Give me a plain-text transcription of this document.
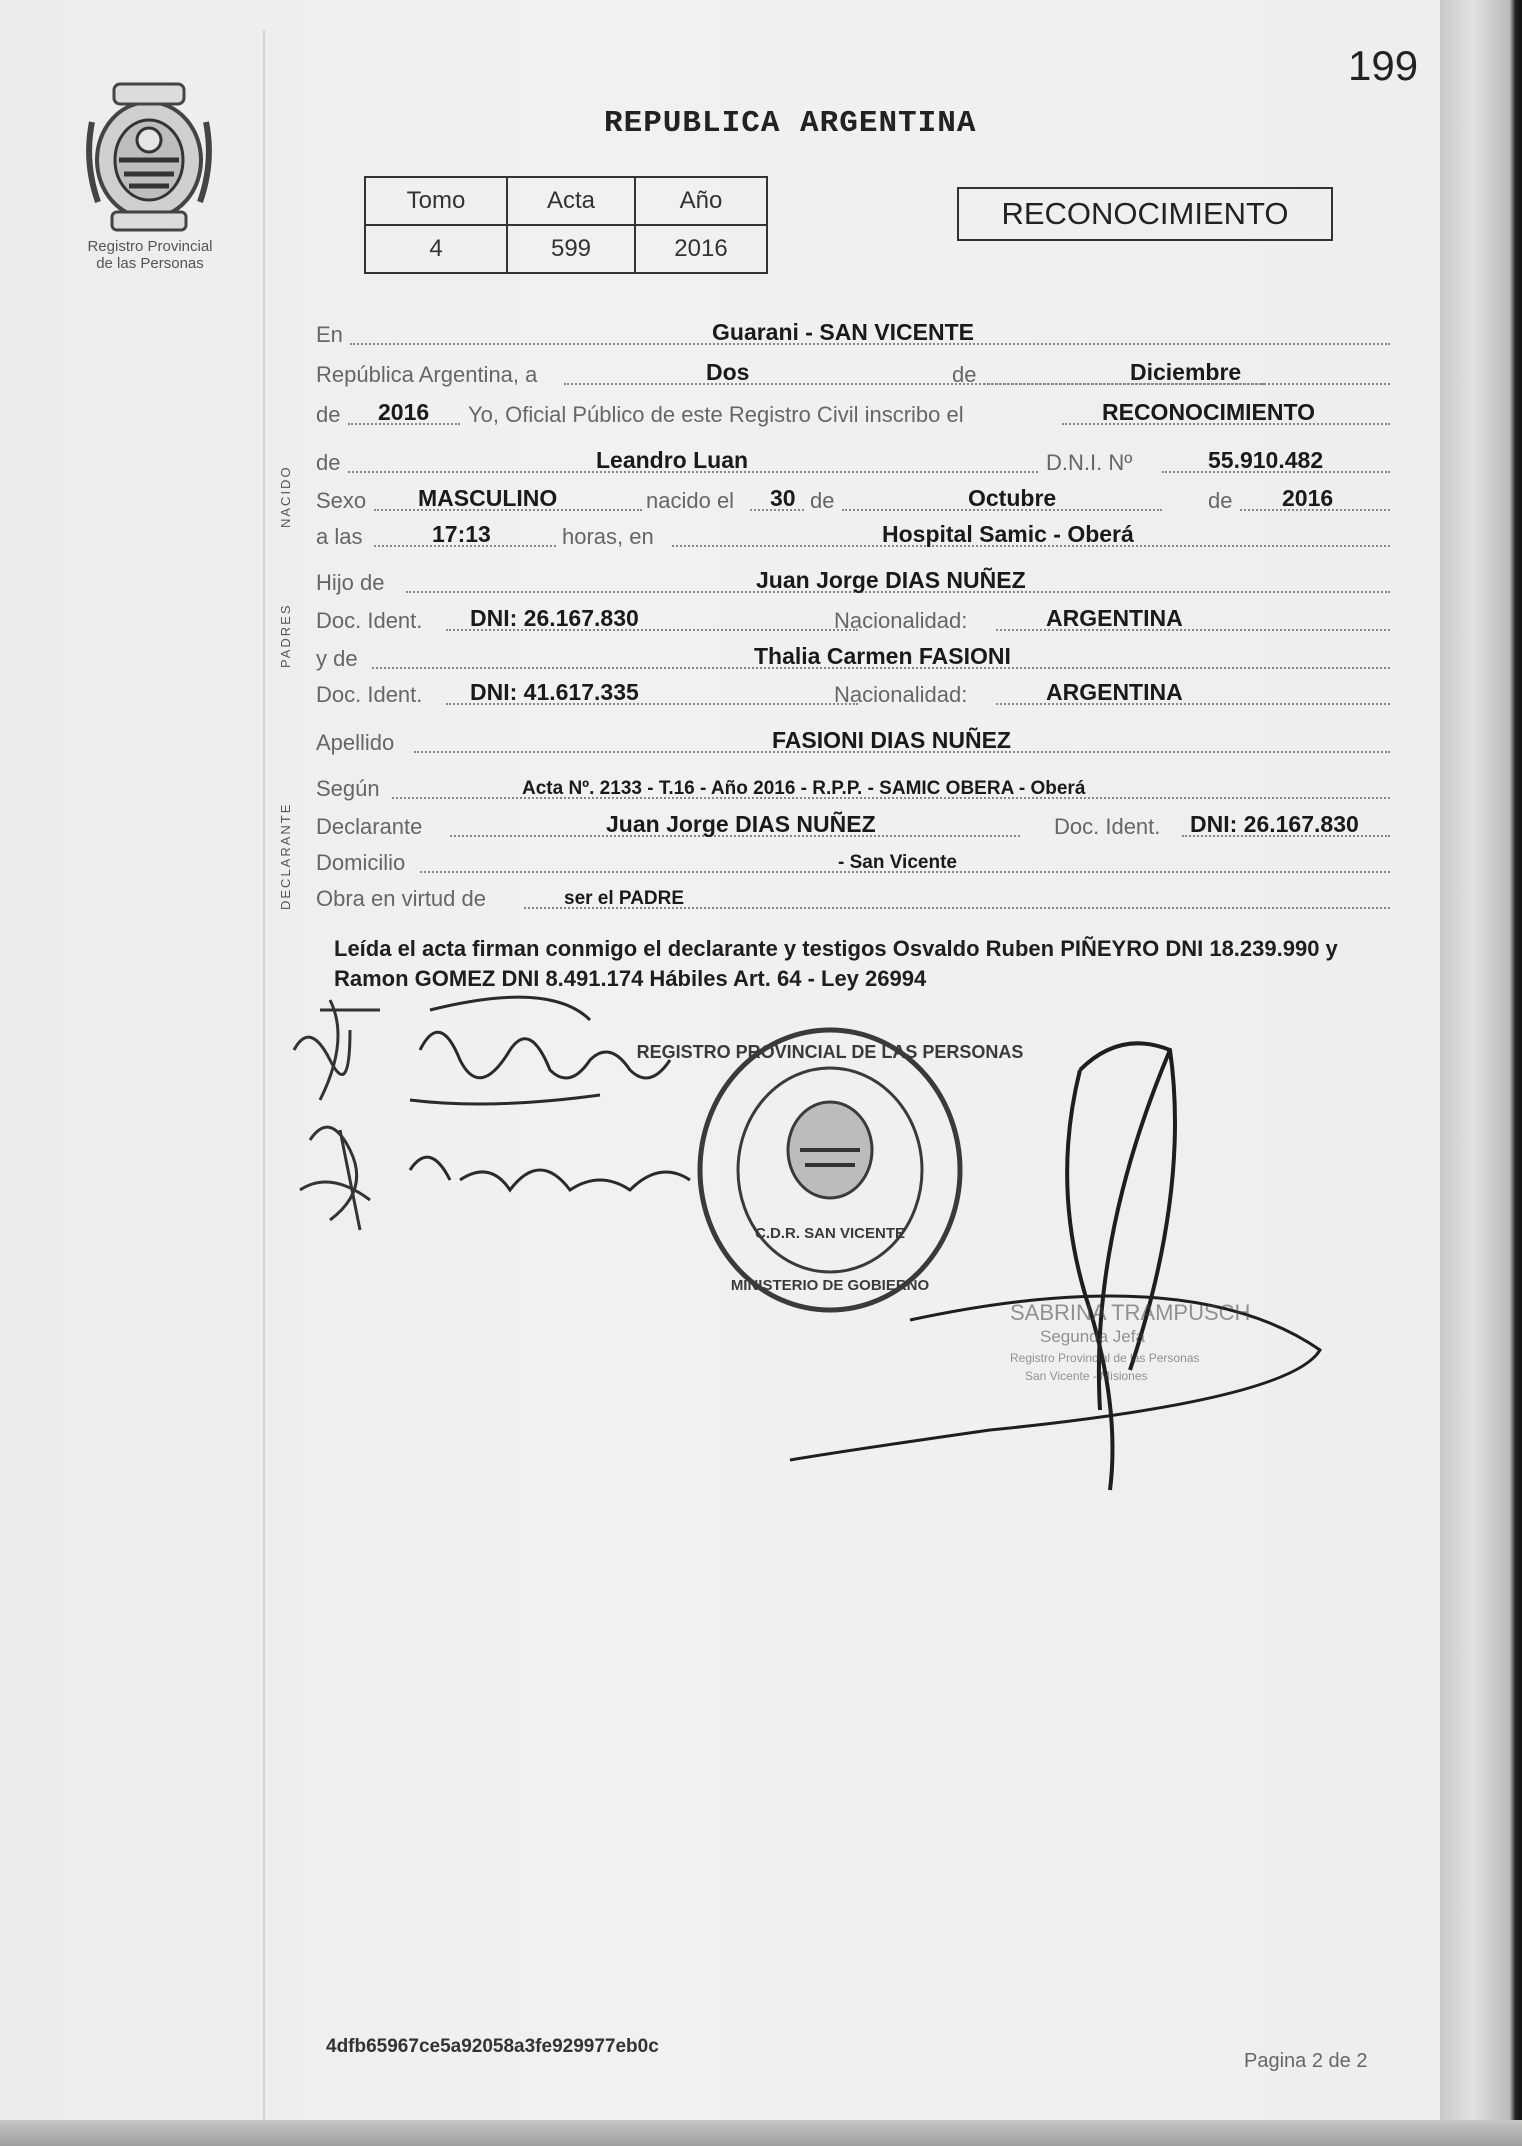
199
Registro Provincial
de las Personas
REPUBLICA ARGENTINA
Tomo	Acta	Año
4	599	2016
RECONOCIMIENTO
NACIDO
PADRES
DECLARANTE
En	Guarani - SAN VICENTE
República Argentina, a	Dos	de	Diciembre
de 2016 Yo, Oficial Público de este Registro Civil inscribo el	RECONOCIMIENTO
de	Leandro Luan	D.N.I. Nº	55.910.482
Sexo MASCULINO	nacido el 30 de	Octubre	de 2016
a las	17:13	horas, en	Hospital Samic - Oberá
Hijo de	Juan Jorge DIAS NUÑEZ
Doc. Ident. DNI: 26.167.830	Nacionalidad:	ARGENTINA
y de	Thalia Carmen FASIONI
Doc. Ident. DNI: 41.617.335	Nacionalidad:	ARGENTINA
Apellido	FASIONI DIAS NUÑEZ
Según	Acta Nº. 2133 - T.16 - Año 2016 - R.P.P. - SAMIC OBERA - Oberá
Declarante	Juan Jorge DIAS NUÑEZ	Doc. Ident. DNI: 26.167.830
Domicilio	- San Vicente
Obra en virtud de	ser el PADRE
Leída el acta firman conmigo el declarante y testigos Osvaldo Ruben PIÑEYRO DNI 18.239.990 y Ramon GOMEZ DNI 8.491.174 Hábiles Art. 64 - Ley 26994
REGISTRO PROVINCIAL DE LAS PERSONAS
C.D.R. SAN VICENTE
MINISTERIO DE GOBIERNO
SABRINA TRAMPUSCH
Segunda Jefa
Registro Provincial de las Personas
San Vicente - Misiones
4dfb65967ce5a92058a3fe929977eb0c
Pagina 2 de 2
